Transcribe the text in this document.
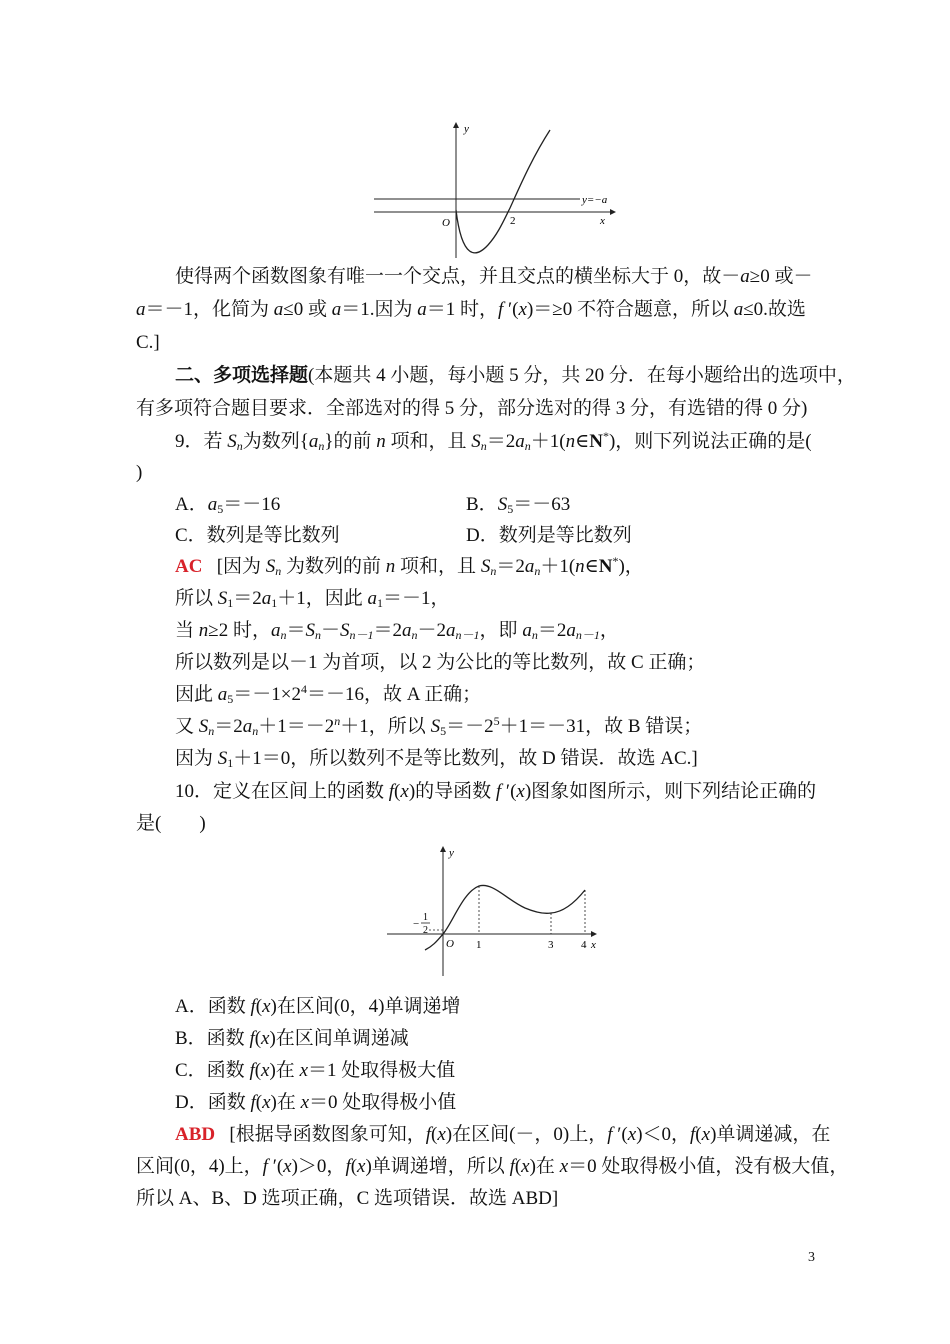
y
x
O	2
y=−a
使得两个函数图象有唯一一个交点，并且交点的横坐标大于 0，故－a≥0 或－
a＝－1，化简为 a≤0 或 a＝1.因为 a＝1 时，f ′(x)＝≥0 不符合题意，所以 a≤0.故选
C.]
二、多项选择题(本题共 4 小题，每小题 5 分，共 20 分．在每小题给出的选项中，
有多项符合题目要求．全部选对的得 5 分，部分选对的得 3 分，有选错的得 0 分)
9．若 $S_n$为数列$\{a_n\}$的前 n 项和，且 $S_n=2a_n+1(n\in N^*)$，则下列说法正确的是(
)
A．$a_5=-16$	B．$S_5=-63$
C．数列是等比数列	D．数列是等比数列
AC [因为 $S_n$ 为数列的前 n 项和，且 $S_n=2a_n+1(n\in N^*)$，
所以 $S_1=2a_1+1$，因此 $a_1=-1$，
当 n≥2 时，$a_n=S_n-S_{n-1}=2a_n-2a_{n-1}$，即 $a_n=2a_{n-1}$，
所以数列是以－1 为首项，以 2 为公比的等比数列，故 C 正确；
因此 $a_5=-1\times 2^4=-16$，故 A 正确；
又 $S_n=2a_n+1=-2^n+1$，所以 $S_5=-2^5+1=-31$，故 B 错误；
因为 $S_1+1=0$，所以数列不是等比数列，故 D 错误．故选 AC.]
10．定义在区间上的函数 f(x)的导函数 f ′(x)图象如图所示，则下列结论正确的
是(　　)
y
x
O
−
1
2
1	3	4
A．函数 f(x)在区间(0，4)单调递增
B．函数 f(x)在区间单调递减
C．函数 f(x)在 x＝1 处取得极大值
D．函数 f(x)在 x＝0 处取得极小值
ABD [根据导函数图象可知，f(x)在区间(－，0)上，f ′(x)＜0，f(x)单调递减，在
区间(0，4)上，f ′(x)＞0，f(x)单调递增，所以 f(x)在 x＝0 处取得极小值，没有极大值，
所以 A、B、D 选项正确，C 选项错误．故选 ABD]
3
